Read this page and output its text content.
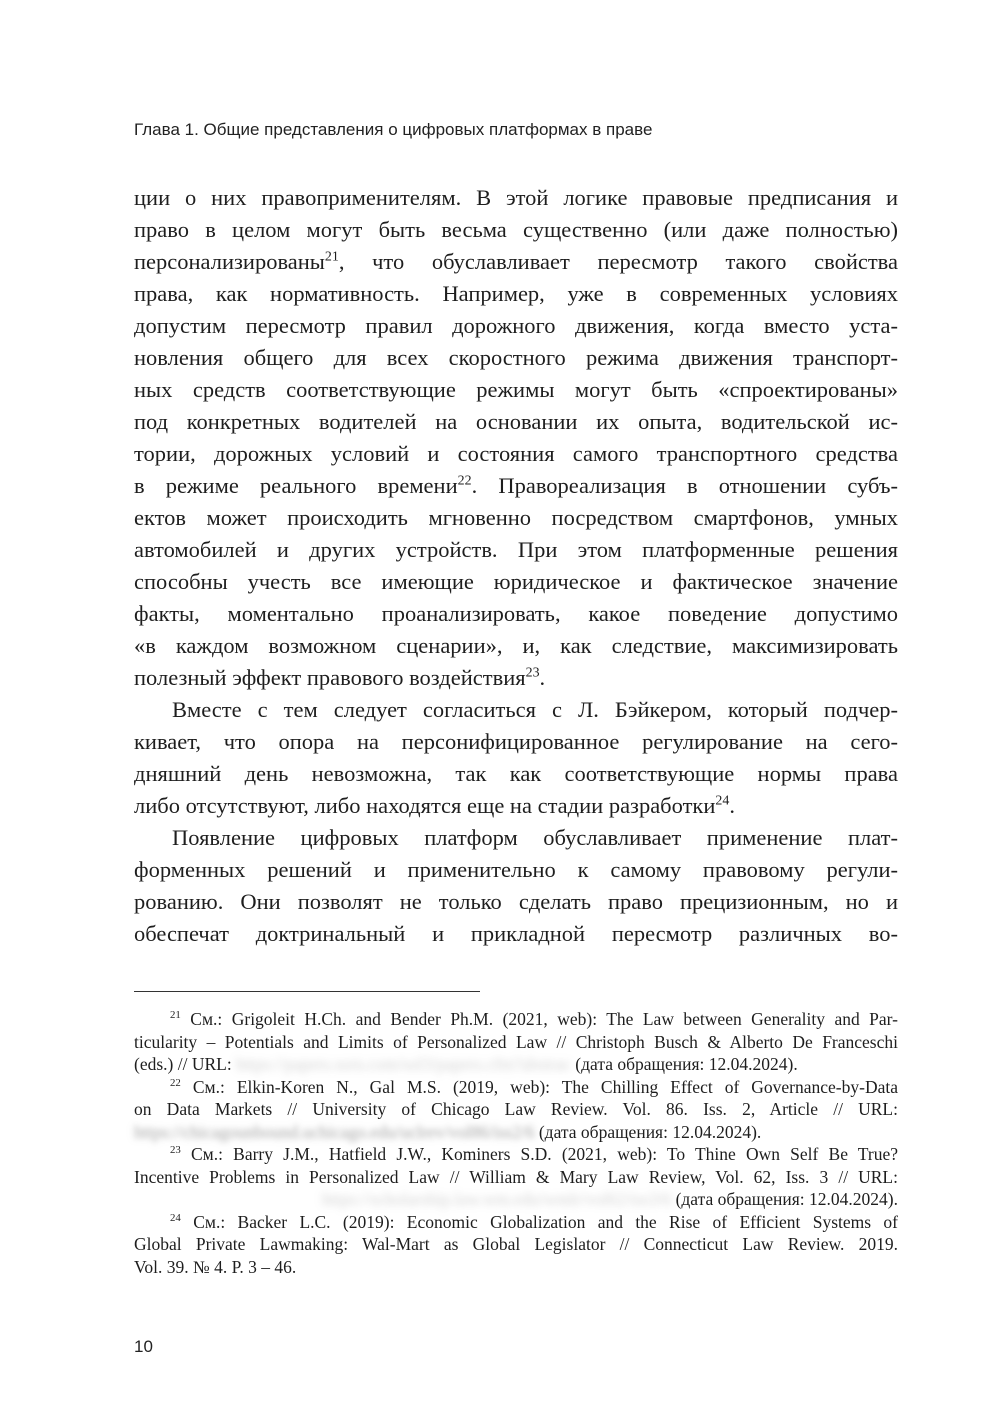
Глава 1. Общие представления о цифровых платформах в праве
ции о них правоприменителям. В этой логике правовые предписания и
право в целом могут быть весьма существенно (или даже полностью)
персонализированы$^{21}$, что обуславливает пересмотр такого свойства
права, как нормативность. Например, уже в современных условиях
допустим пересмотр правил дорожного движения, когда вместо уста-
новления общего для всех скоростного режима движения транспорт-
ных средств соответствующие режимы могут быть «спроектированы»
под конкретных водителей на основании их опыта, водительской ис-
тории, дорожных условий и состояния самого транспортного средства
в режиме реального времени$^{22}$. Правореализация в отношении субъ-
ектов может происходить мгновенно посредством смартфонов, умных
автомобилей и других устройств. При этом платформенные решения
способны учесть все имеющие юридическое и фактическое значение
факты, моментально проанализировать, какое поведение допустимо
«в каждом возможном сценарии», и, как следствие, максимизировать
полезный эффект правового воздействия$^{23}$.
Вместе с тем следует согласиться с Л. Бэйкером, который подчер-
кивает, что опора на персонифицированное регулирование на сего-
дняшний день невозможна, так как соответствующие нормы права
либо отсутствуют, либо находятся еще на стадии разработки$^{24}$.
Появление цифровых платформ обуславливает применение плат-
форменных решений и применительно к самому правовому регули-
рованию. Они позволят не только сделать право прецизионным, но и
обеспечат доктринальный и прикладной пересмотр различных во-
$^{21}$ См.: Grigoleit H.Ch. and Bender Ph.M. (2021, web): The Law between Generality and Par-
ticularity – Potentials and Limits of Personalized Law // Christoph Busch & Alberto De Franceschi
(eds.) // URL: https://papers.ssrn.com/sol3/papers.cfm?abstrac (дата обращения: 12.04.2024).
$^{22}$ См.: Elkin-Koren N., Gal M.S. (2019, web): The Chilling Effect of Governance-by-Data
on Data Markets // University of Chicago Law Review. Vol. 86. Iss. 2, Article // URL:
https://chicagounbound.uchicago.edu/uclrev/vol86/iss2/6 (дата обращения: 12.04.2024).
$^{23}$ См.: Barry J.M., Hatfield J.W., Kominers S.D. (2021, web): To Thine Own Self Be True?
Incentive Problems in Personalized Law // William & Mary Law Review, Vol. 62, Iss. 3 // URL:
https://scholarship.law.wm.edu/wmlr/vol62/iss3/6 (дата обращения: 12.04.2024).
$^{24}$ См.: Backer L.C. (2019): Economic Globalization and the Rise of Efficient Systems of
Global Private Lawmaking: Wal-Mart as Global Legislator // Connecticut Law Review. 2019.
Vol. 39. № 4. P. 3 – 46.
10
